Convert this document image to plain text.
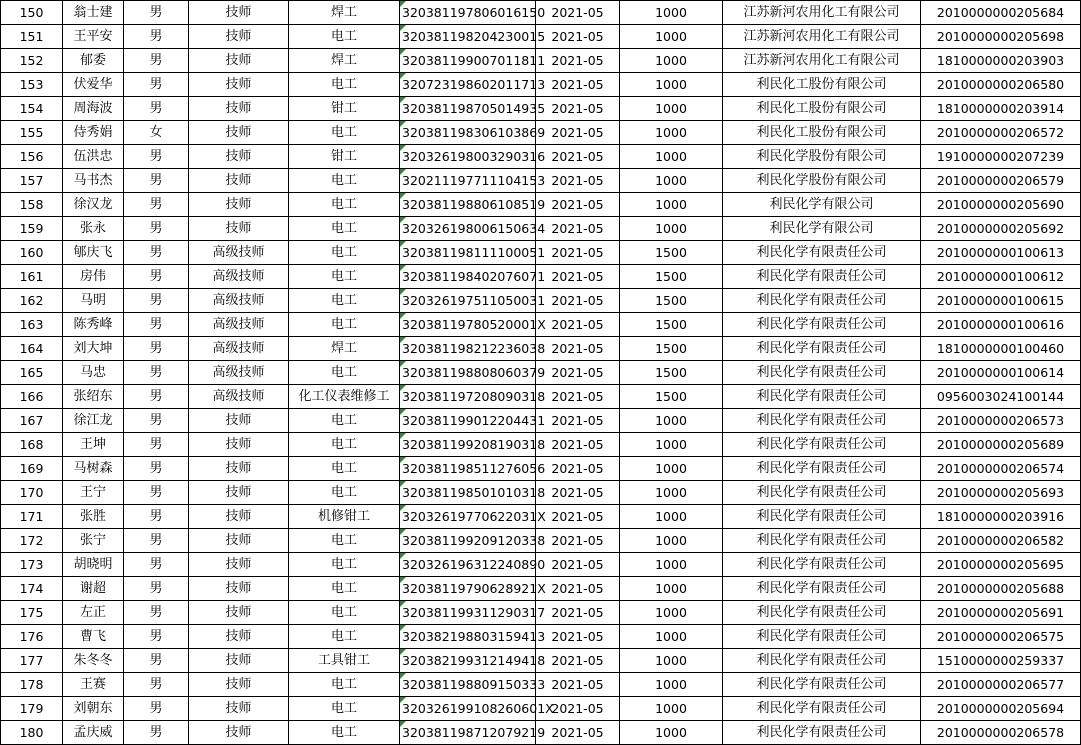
150	翁士建	男	技师	焊工	320381197806016150	2021-05	1000	江苏新河农用化工有限公司	2010000000205684
151	王平安	男	技师	电工	320381198204230015	2021-05	1000	江苏新河农用化工有限公司	2010000000205698
152	郁委	男	技师	焊工	320381199007011811	2021-05	1000	江苏新河农用化工有限公司	1810000000203903
153	伏爱华	男	技师	电工	320723198602011713	2021-05	1000	利民化工股份有限公司	2010000000206580
154	周海波	男	技师	钳工	320381198705014935	2021-05	1000	利民化工股份有限公司	1810000000203914
155	侍秀娟	女	技师	电工	320381198306103869	2021-05	1000	利民化工股份有限公司	2010000000206572
156	伍洪忠	男	技师	钳工	320326198003290316	2021-05	1000	利民化学股份有限公司	1910000000207239
157	马书杰	男	技师	电工	320211197711104153	2021-05	1000	利民化学股份有限公司	2010000000206579
158	徐汉龙	男	技师	电工	320381198806108519	2021-05	1000	利民化学有限公司	2010000000205690
159	张永	男	技师	电工	320326198006150634	2021-05	1000	利民化学有限公司	2010000000205692
160	郇庆飞	男	高级技师	电工	320381198111100051	2021-05	1500	利民化学有限责任公司	2010000000100613
161	房伟	男	高级技师	电工	320381198402076071	2021-05	1500	利民化学有限责任公司	2010000000100612
162	马明	男	高级技师	电工	320326197511050031	2021-05	1500	利民化学有限责任公司	2010000000100615
163	陈秀峰	男	高级技师	电工	32038119780520001X	2021-05	1500	利民化学有限责任公司	2010000000100616
164	刘大坤	男	高级技师	焊工	320381198212236038	2021-05	1500	利民化学有限责任公司	1810000000100460
165	马忠	男	高级技师	电工	320381198808060379	2021-05	1500	利民化学有限责任公司	2010000000100614
166	张绍东	男	高级技师	化工仪表维修工	320381197208090318	2021-05	1500	利民化学有限责任公司	0956003024100144
167	徐江龙	男	技师	电工	320381199012204431	2021-05	1000	利民化学有限责任公司	2010000000206573
168	王坤	男	技师	电工	320381199208190318	2021-05	1000	利民化学有限责任公司	2010000000205689
169	马树森	男	技师	电工	320381198511276056	2021-05	1000	利民化学有限责任公司	2010000000206574
170	王宁	男	技师	电工	320381198501010318	2021-05	1000	利民化学有限责任公司	2010000000205693
171	张胜	男	技师	机修钳工	32032619770622031X	2021-05	1000	利民化学有限责任公司	1810000000203916
172	张宁	男	技师	电工	320381199209120338	2021-05	1000	利民化学有限责任公司	2010000000206582
173	胡晓明	男	技师	电工	320326196312240890	2021-05	1000	利民化学有限责任公司	2010000000205695
174	谢超	男	技师	电工	32038119790628921X	2021-05	1000	利民化学有限责任公司	2010000000205688
175	左正	男	技师	电工	320381199311290317	2021-05	1000	利民化学有限责任公司	2010000000205691
176	曹飞	男	技师	电工	320382198803159413	2021-05	1000	利民化学有限责任公司	2010000000206575
177	朱冬冬	男	技师	工具钳工	320382199312149418	2021-05	1000	利民化学有限责任公司	1510000000259337
178	王赛	男	技师	电工	320381198809150333	2021-05	1000	利民化学有限责任公司	2010000000206577
179	刘朝东	男	技师	电工	320326199108260601X	2021-05	1000	利民化学有限责任公司	2010000000205694
180	孟庆威	男	技师	电工	320381198712079219	2021-05	1000	利民化学有限责任公司	2010000000206578
